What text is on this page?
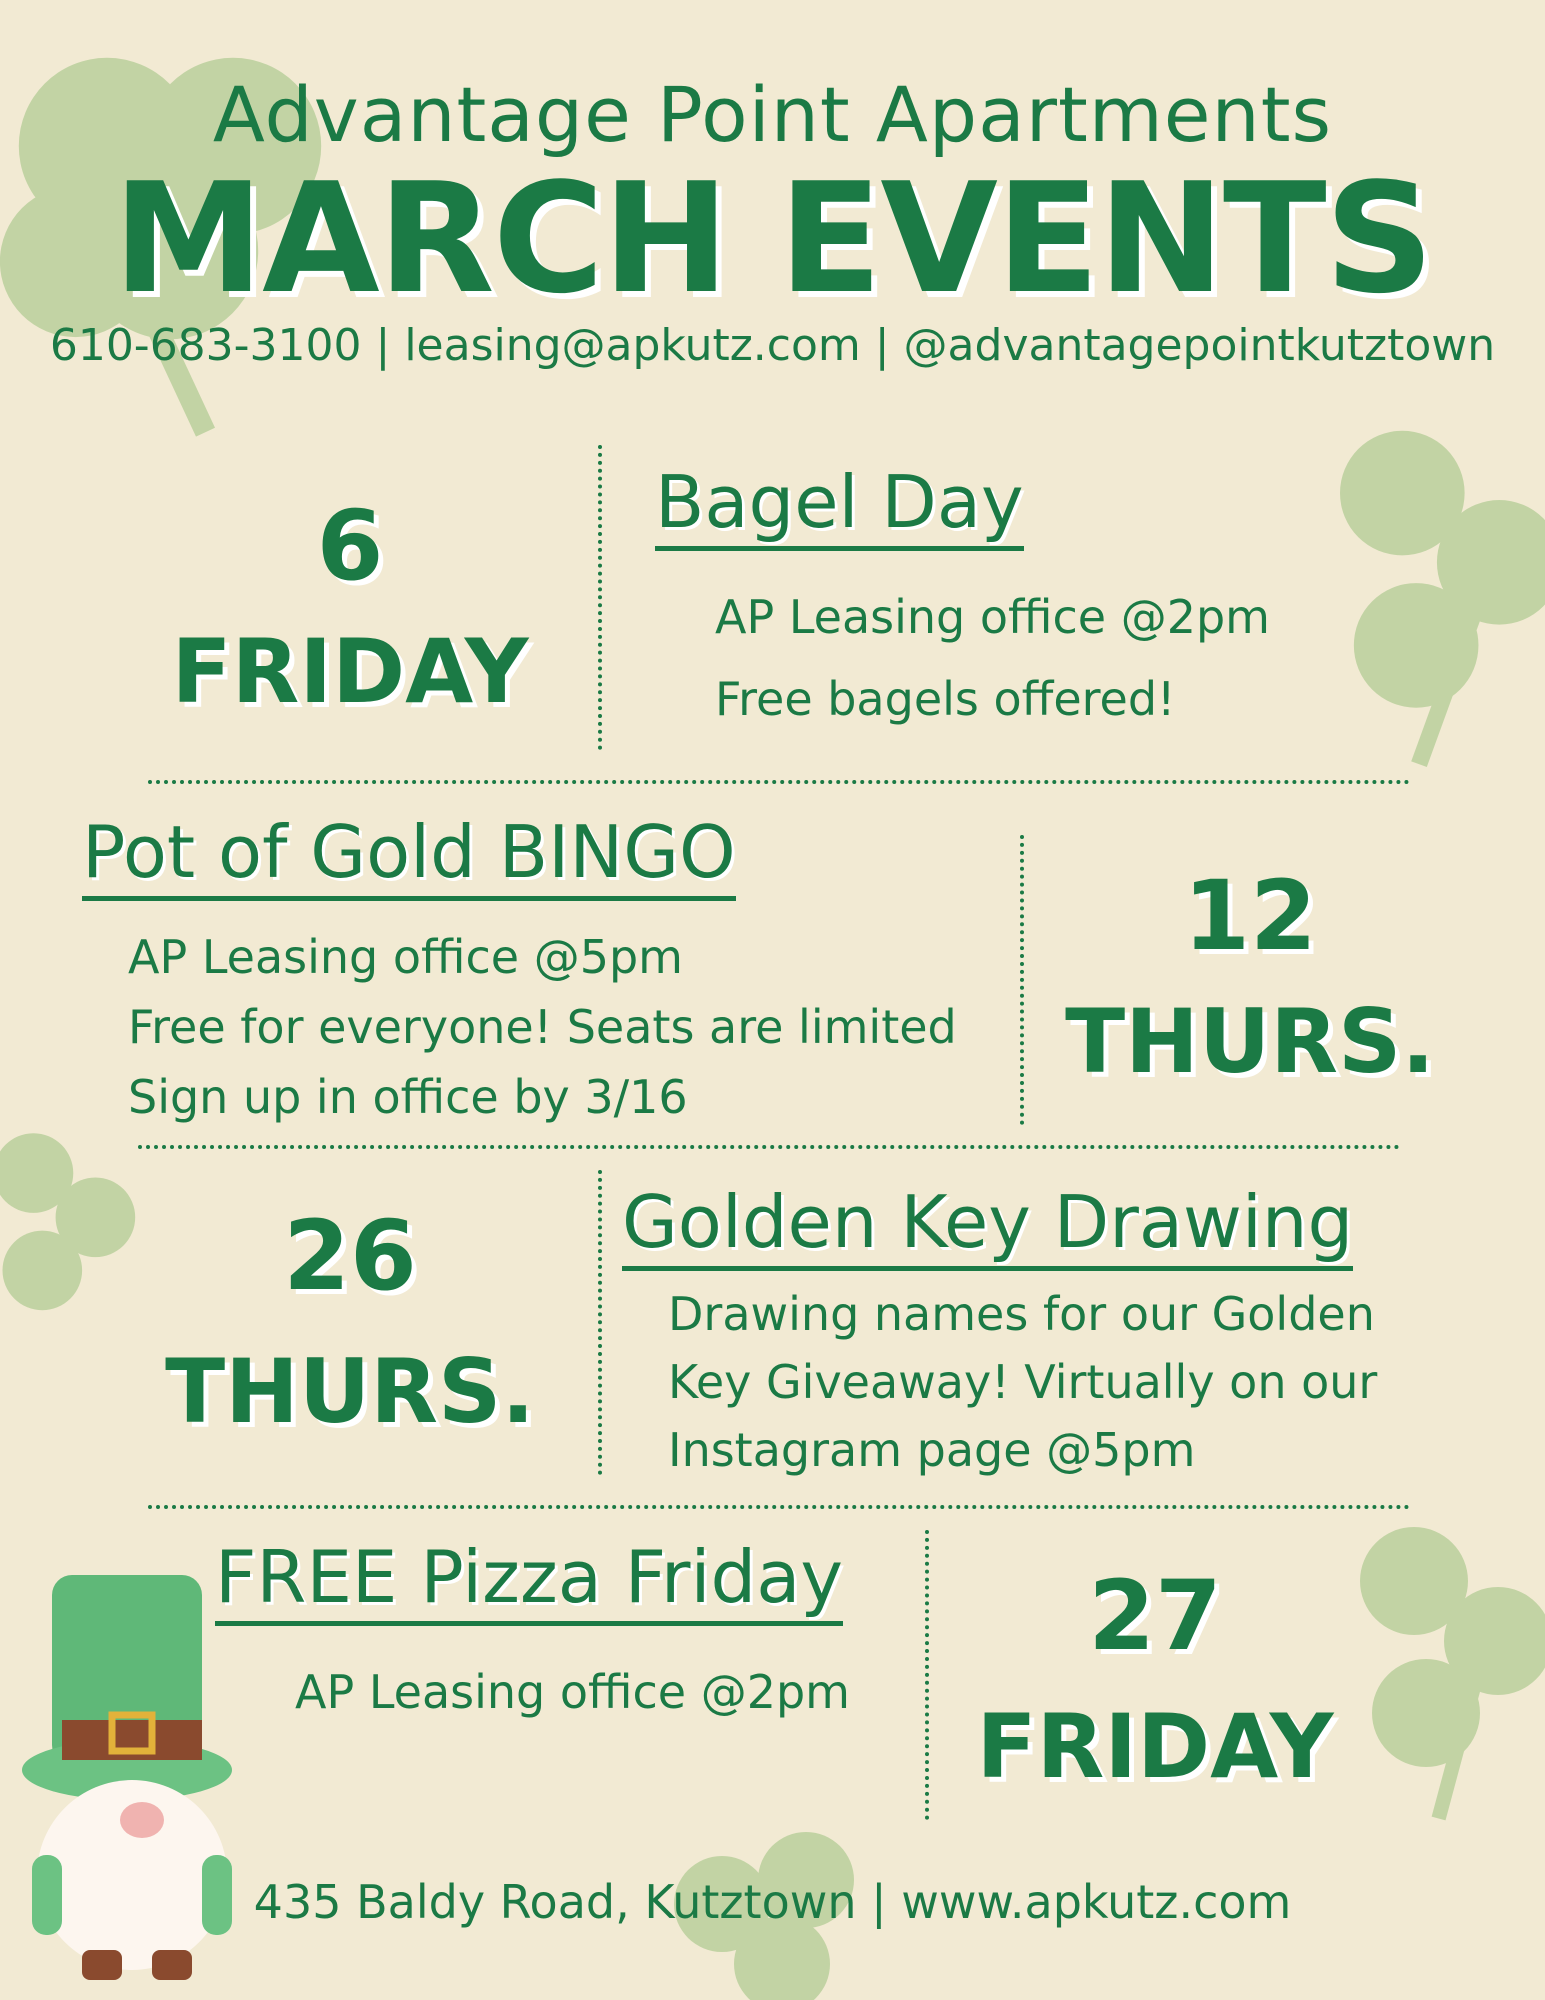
Advantage Point Apartments
MARCH EVENTS
610-683-3100 | leasing@apkutz.com | @advantagepointkutztown
6
FRIDAY
Bagel Day
AP Leasing office @2pm
Free bagels offered!
Pot of Gold BINGO
AP Leasing office @5pm
Free for everyone! Seats are limited
Sign up in office by 3/16
12
THURS.
26
THURS.
Golden Key Drawing
Drawing names for our Golden
Key Giveaway! Virtually on our
Instagram page @5pm
FREE Pizza Friday
AP Leasing office @2pm
27
FRIDAY
435 Baldy Road, Kutztown | www.apkutz.com
